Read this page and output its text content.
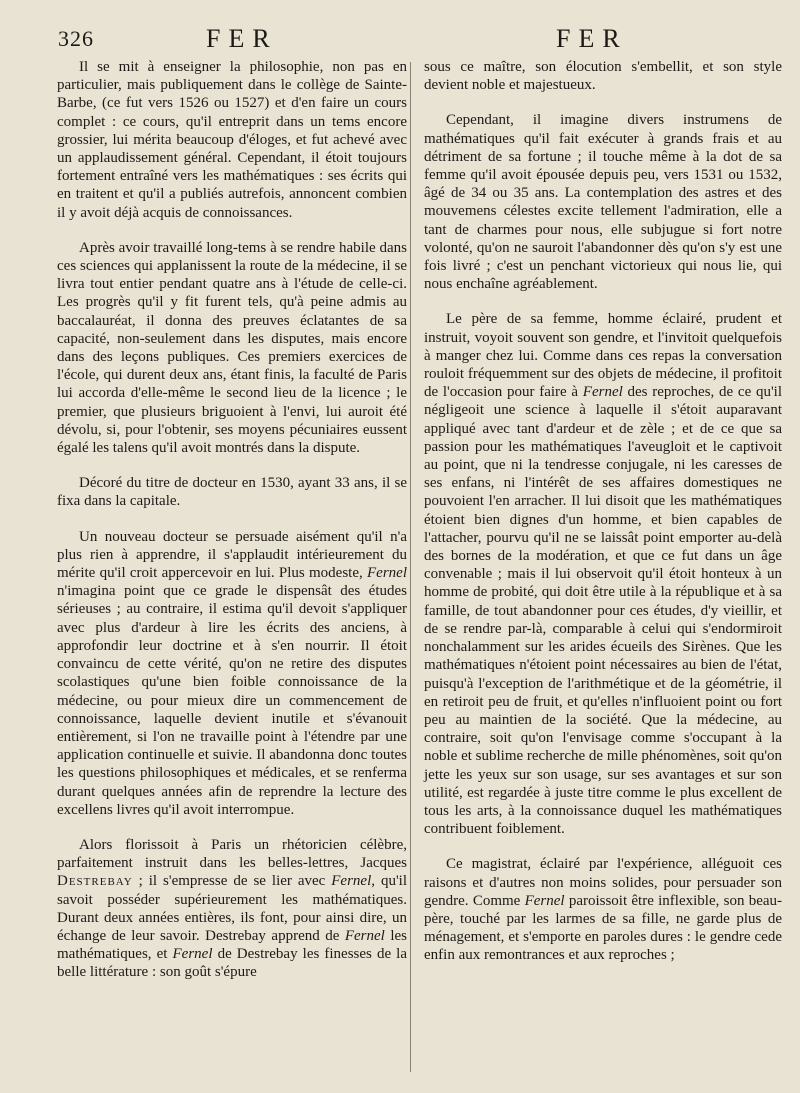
326	FER	FER

Il se mit à enseigner la philosophie, non pas en particulier, mais publiquement dans le collège de Sainte-Barbe, (ce fut vers 1526 ou 1527) et d'en faire un cours complet : ce cours, qu'il entreprit dans un tems encore grossier, lui mérita beaucoup d'éloges, et fut achevé avec un applaudissement général. Cependant, il étoit toujours fortement entraîné vers les mathématiques : ses écrits qui en traitent et qu'il a publiés autrefois, annoncent combien il y avoit déjà acquis de connoissances.

Après avoir travaillé long-tems à se rendre habile dans ces sciences qui applanissent la route de la médecine, il se livra tout entier pendant quatre ans à l'étude de celle-ci. Les progrès qu'il y fit furent tels, qu'à peine admis au baccalauréat, il donna des preuves éclatantes de sa capacité, non-seulement dans les disputes, mais encore dans des leçons publiques. Ces premiers exercices de l'école, qui durent deux ans, étant finis, la faculté de Paris lui accorda d'elle-même le second lieu de la licence ; le premier, que plusieurs briguoient à l'envi, lui auroit été dévolu, si, pour l'obtenir, ses moyens pécuniaires eussent égalé les talens qu'il avoit montrés dans la dispute.

Décoré du titre de docteur en 1530, ayant 33 ans, il se fixa dans la capitale.

Un nouveau docteur se persuade aisément qu'il n'a plus rien à apprendre, il s'applaudit intérieurement du mérite qu'il croit appercevoir en lui. Plus modeste, Fernel n'imagina point que ce grade le dispensât des études sérieuses ; au contraire, il estima qu'il devoit s'appliquer avec plus d'ardeur à lire les écrits des anciens, à approfondir leur doctrine et à s'en nourrir. Il étoit convaincu de cette vérité, qu'on ne retire des disputes scolastiques qu'une bien foible connoissance de la médecine, ou pour mieux dire un commencement de connoissance, laquelle devient inutile et s'évanouit entièrement, si l'on ne travaille point à l'étendre par une application continuelle et suivie. Il abandonna donc toutes les questions philosophiques et médicales, et se renferma durant quelques années afin de reprendre la lecture des excellens livres qu'il avoit interrompue.

Alors florissoit à Paris un rhétoricien célèbre, parfaitement instruit dans les belles-lettres, Jacques Destrebay ; il s'empresse de se lier avec Fernel, qu'il savoit posséder supérieurement les mathématiques. Durant deux années entières, ils font, pour ainsi dire, un échange de leur savoir. Destrebay apprend de Fernel les mathématiques, et Fernel de Destrebay les finesses de la belle littérature : son goût s'épure

sous ce maître, son élocution s'embellit, et son style devient noble et majestueux.

Cependant, il imagine divers instrumens de mathématiques qu'il fait exécuter à grands frais et au détriment de sa fortune ; il touche même à la dot de sa femme qu'il avoit épousée depuis peu, vers 1531 ou 1532, âgé de 34 ou 35 ans. La contemplation des astres et des mouvemens célestes excite tellement l'admiration, elle a tant de charmes pour nous, elle subjugue si fort notre volonté, qu'on ne sauroit l'abandonner dès qu'on s'y est une fois livré ; c'est un penchant victorieux qui nous lie, qui nous enchaîne agréablement.

Le père de sa femme, homme éclairé, prudent et instruit, voyoit souvent son gendre, et l'invitoit quelquefois à manger chez lui. Comme dans ces repas la conversation rouloit fréquemment sur des objets de médecine, il profitoit de l'occasion pour faire à Fernel des reproches, de ce qu'il négligeoit une science à laquelle il s'étoit auparavant appliqué avec tant d'ardeur et de zèle ; et de ce que sa passion pour les mathématiques l'aveugloit et le captivoit au point, que ni la tendresse conjugale, ni les caresses de ses enfans, ni l'intérêt de ses affaires domestiques ne pouvoient l'en arracher. Il lui disoit que les mathématiques étoient bien dignes d'un homme, et bien capables de l'attacher, pourvu qu'il ne se laissât point emporter au-delà des bornes de la modération, et que ce fut dans un âge convenable ; mais il lui observoit qu'il étoit honteux à un homme de probité, qui doit être utile à la république et à sa famille, de tout abandonner pour ces études, d'y vieillir, et de se rendre par-là, comparable à celui qui s'endormiroit nonchalamment sur les arides écueils des Sirènes. Que les mathématiques n'étoient point nécessaires au bien de l'état, puisqu'à l'exception de l'arithmétique et de la géométrie, il en retiroit peu de fruit, et qu'elles n'influoient point ou fort peu au maintien de la société. Que la médecine, au contraire, soit qu'on l'envisage comme s'occupant à la noble et sublime recherche de mille phénomènes, soit qu'on jette les yeux sur son usage, sur ses avantages et sur son utilité, est regardée à juste titre comme le plus excellent de tous les arts, à la connoissance duquel les mathématiques contribuent foiblement.

Ce magistrat, éclairé par l'expérience, alléguoit ces raisons et d'autres non moins solides, pour persuader son gendre. Comme Fernel paroissoit être inflexible, son beau-père, touché par les larmes de sa fille, ne garde plus de ménagement, et s'emporte en paroles dures : le gendre cede enfin aux remontrances et aux reproches ;
